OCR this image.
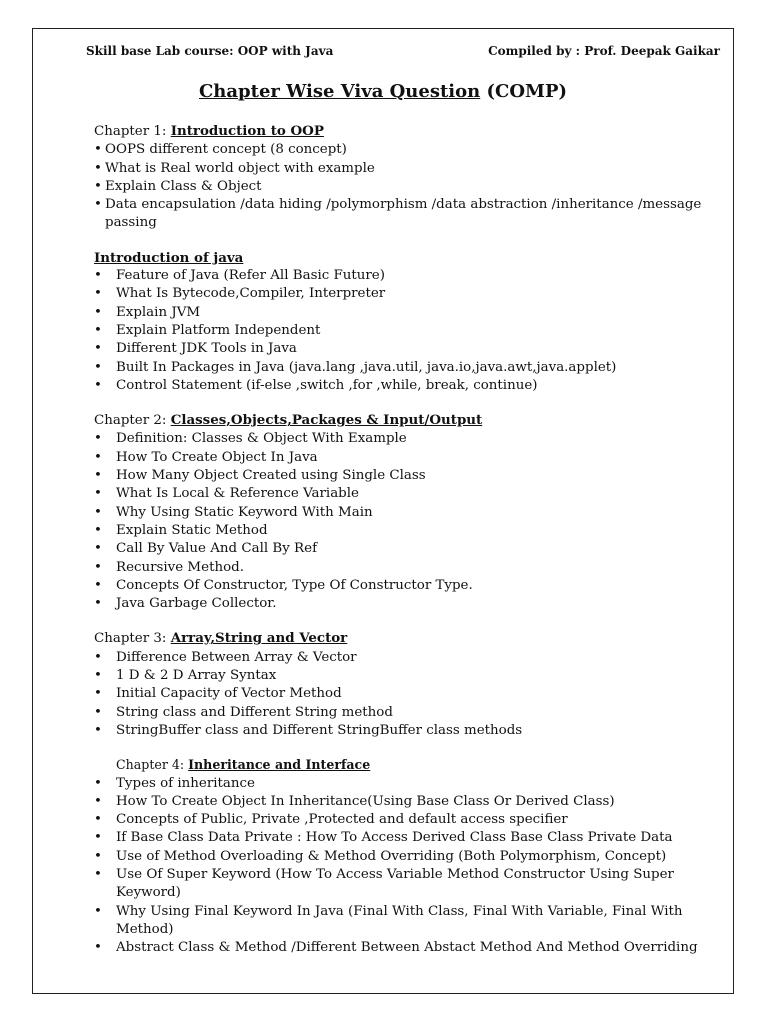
Skill base Lab course: OOP with Java	Compiled by : Prof. Deepak Gaikar
Chapter Wise Viva Question (COMP)
Chapter 1: Introduction to OOP
• OOPS different concept (8 concept)
• What is Real world object with example
• Explain Class & Object
• Data encapsulation /data hiding /polymorphism /data abstraction /inheritance /message passing
Introduction of java
• Feature of Java (Refer All Basic Future)
• What Is Bytecode,Compiler, Interpreter
• Explain JVM
• Explain Platform Independent
• Different JDK Tools in Java
• Built In Packages in Java (java.lang ,java.util, java.io,java.awt,java.applet)
• Control Statement (if-else ,switch ,for ,while, break, continue)
Chapter 2: Classes,Objects,Packages & Input/Output
• Definition: Classes & Object With Example
• How To Create Object In Java
• How Many Object Created using Single Class
• What Is Local & Reference Variable
• Why Using Static Keyword With Main
• Explain Static Method
• Call By Value And Call By Ref
• Recursive Method.
• Concepts Of Constructor, Type Of Constructor Type.
• Java Garbage Collector.
Chapter 3: Array,String and Vector
• Difference Between Array & Vector
• 1 D & 2 D Array Syntax
• Initial Capacity of Vector Method
• String class and Different String method
• StringBuffer class and Different StringBuffer class methods
Chapter 4: Inheritance and Interface
• Types of inheritance
• How To Create Object In Inheritance(Using Base Class Or Derived Class)
• Concepts of Public, Private ,Protected and default access specifier
• If Base Class Data Private : How To Access Derived Class Base Class Private Data
• Use of Method Overloading & Method Overriding (Both Polymorphism, Concept)
• Use Of Super Keyword (How To Access Variable Method Constructor Using Super Keyword)
• Why Using Final Keyword In Java (Final With Class, Final With Variable, Final With Method)
• Abstract Class & Method /Different Between Abstact Method And Method Overriding
